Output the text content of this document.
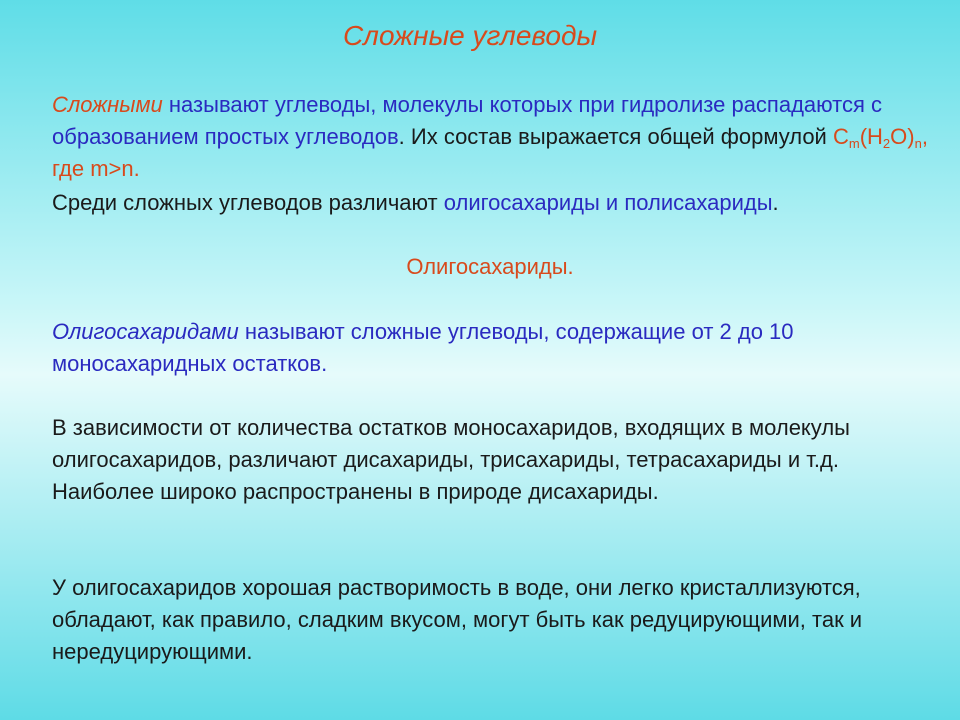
Сложные углеводы

Сложными называют углеводы, молекулы которых при гидролизе распадаются с образованием простых углеводов. Их состав выражается общей формулой $C_m(H_2O)_n$, где m>n.

Среди сложных углеводов различают олигосахариды и полисахариды.

Олигосахариды.

Олигосахаридами называют сложные углеводы, содержащие от 2 до 10 моносахаридных остатков.

В зависимости от количества остатков моносахаридов, входящих в молекулы олигосахаридов, различают дисахариды, трисахариды, тетрасахариды и т.д. Наиболее широко распространены в природе дисахариды.

У олигосахаридов хорошая растворимость в воде, они легко кристаллизуются, обладают, как правило, сладким вкусом, могут быть как редуцирующими, так и нередуцирующими.
